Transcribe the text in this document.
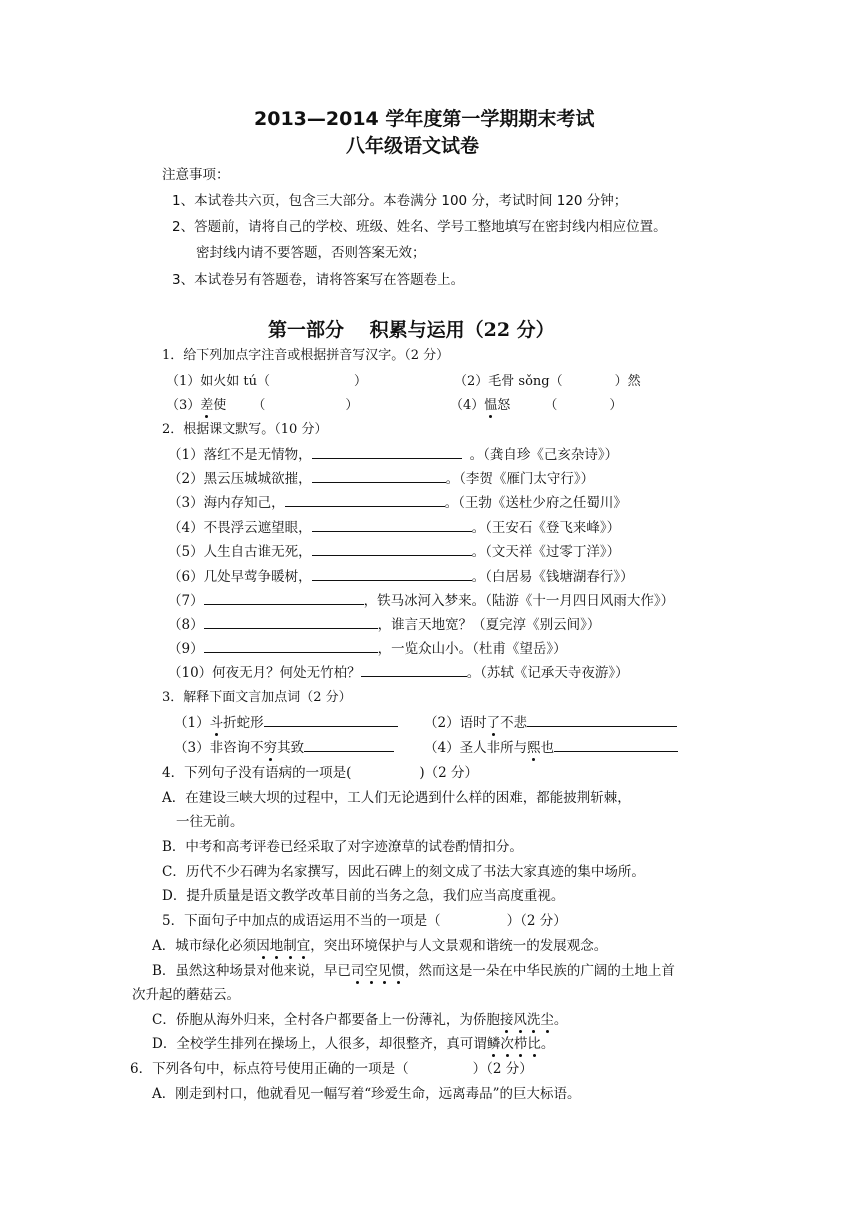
2013—2014 学年度第一学期期末考试
八年级语文试卷
注意事项：
1、本试卷共六页，包含三大部分。本卷满分 100 分，考试时间 120 分钟；
2、答题前，请将自己的学校、班级、姓名、学号工整地填写在密封线内相应位置。
密封线内请不要答题，否则答案无效；
3、本试卷另有答题卷，请将答案写在答题卷上。
第一部分　 积累与运用（22 分）
1．给下列加点字注音或根据拼音写汉字。（2 分）
（1）如火如 tú（	）	（2）毛骨 sǒng（	）然
（3）差使 （	）	（4）愠怒	（	）
2．根据课文默写。（10 分）
（1）落红不是无情物，	。（龚自珍《己亥杂诗》）
（2）黑云压城城欲摧，	。（李贺《雁门太守行》）
（3）海内存知己，	。（王勃《送杜少府之任蜀川》
（4）不畏浮云遮望眼，	。（王安石《登飞来峰》）
（5）人生自古谁无死，	。（文天祥《过零丁洋》）
（6）几处早莺争暖树，	。（白居易《钱塘湖春行》）
（7）	，铁马冰河入梦来。（陆游《十一月四日风雨大作》）
（8）	，谁言天地宽？（夏完淳《别云间》）
（9）	，一览众山小。（杜甫《望岳》）
（10）何夜无月？何处无竹柏？	。（苏轼《记承天寺夜游》）
3．解释下面文言加点词（2 分）
（1）斗折蛇形	（2）语时了不悲
（3）非咨询不穷其致	（4）圣人非所与熙也
4．下列句子没有语病的一项是(	)（2 分）
A．在建设三峡大坝的过程中，工人们无论遇到什么样的困难，都能披荆斩棘，
一往无前。
B．中考和高考评卷已经采取了对字迹潦草的试卷酌情扣分。
C．历代不少石碑为名家撰写，因此石碑上的刻文成了书法大家真迹的集中场所。
D．提升质量是语文教学改革目前的当务之急，我们应当高度重视。
5．下面句子中加点的成语运用不当的一项是（	）（2 分）
A．城市绿化必须因地制宜，突出环境保护与人文景观和谐统一的发展观念。
B．虽然这种场景对他来说，早已司空见惯，然而这是一朵在中华民族的广阔的土地上首
次升起的蘑菇云。
C．侨胞从海外归来，全村各户都要备上一份薄礼，为侨胞接风洗尘。
D．全校学生排列在操场上，人很多，却很整齐，真可谓鳞次栉比。
6．下列各句中，标点符号使用正确的一项是（	）（2 分）
A．刚走到村口，他就看见一幅写着“珍爱生命，远离毒品”的巨大标语。
